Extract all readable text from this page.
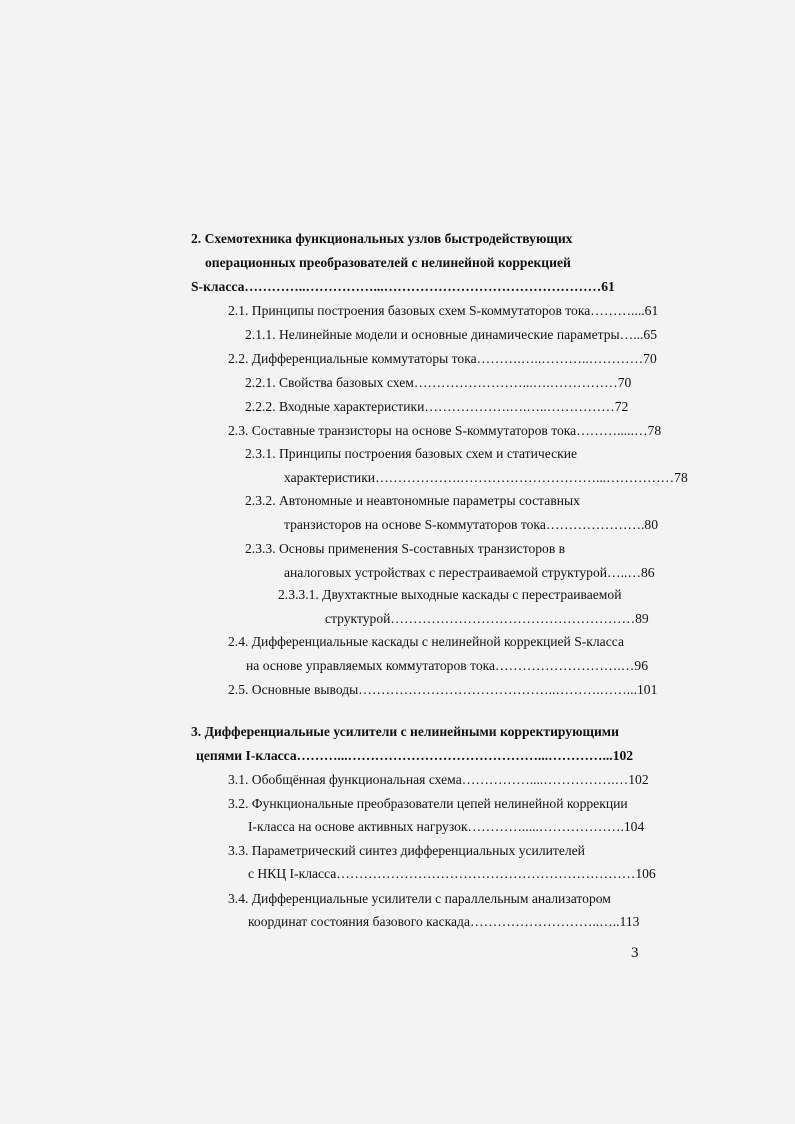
2. Схемотехника функциональных узлов быстродействующих
операционных преобразователей с нелинейной коррекцией
S-класса…………..……………...…………………………………………61
2.1. Принципы построения базовых схем S-коммутаторов тока………....61
2.1.1. Нелинейные модели и основные динамические параметры…...65
2.2. Дифференциальные коммутаторы тока……….…..………..…………70
2.2.1. Свойства базовых схем……………………...….……………70
2.2.2. Входные характеристики……………….….…..……………72
2.3. Составные транзисторы на основе S-коммутаторов тока……….....…78
2.3.1. Принципы построения базовых схем и статические
характеристики……………….…………………………...……………78
2.3.2. Автономные и неавтономные параметры составных
транзисторов на основе S-коммутаторов тока………………….80
2.3.3. Основы применения S-составных транзисторов в
аналоговых устройствах с перестраиваемой структурой…..…86
2.3.3.1. Двухтактные выходные каскады с перестраиваемой
структурой………………………………………………89
2.4. Дифференциальные каскады с нелинейной коррекцией S-класса
на основе управляемых коммутаторов тока……………………….…96
2.5. Основные выводы……………………………………..……….……...101
3. Дифференциальные усилители с нелинейными корректирующими
цепями I-класса………...……………………………………...…………...102
3.1. Обобщённая функциональная схема……………....…………….…102
3.2. Функциональные преобразователи цепей нелинейной коррекции
I-класса на основе активных нагрузок………….....……………….104
3.3. Параметрический синтез дифференциальных усилителей
с НКЦ I-класса…………………………………………………………106
3.4. Дифференциальные усилители с параллельным анализатором
координат состояния базового каскада………………………..…..113
3
